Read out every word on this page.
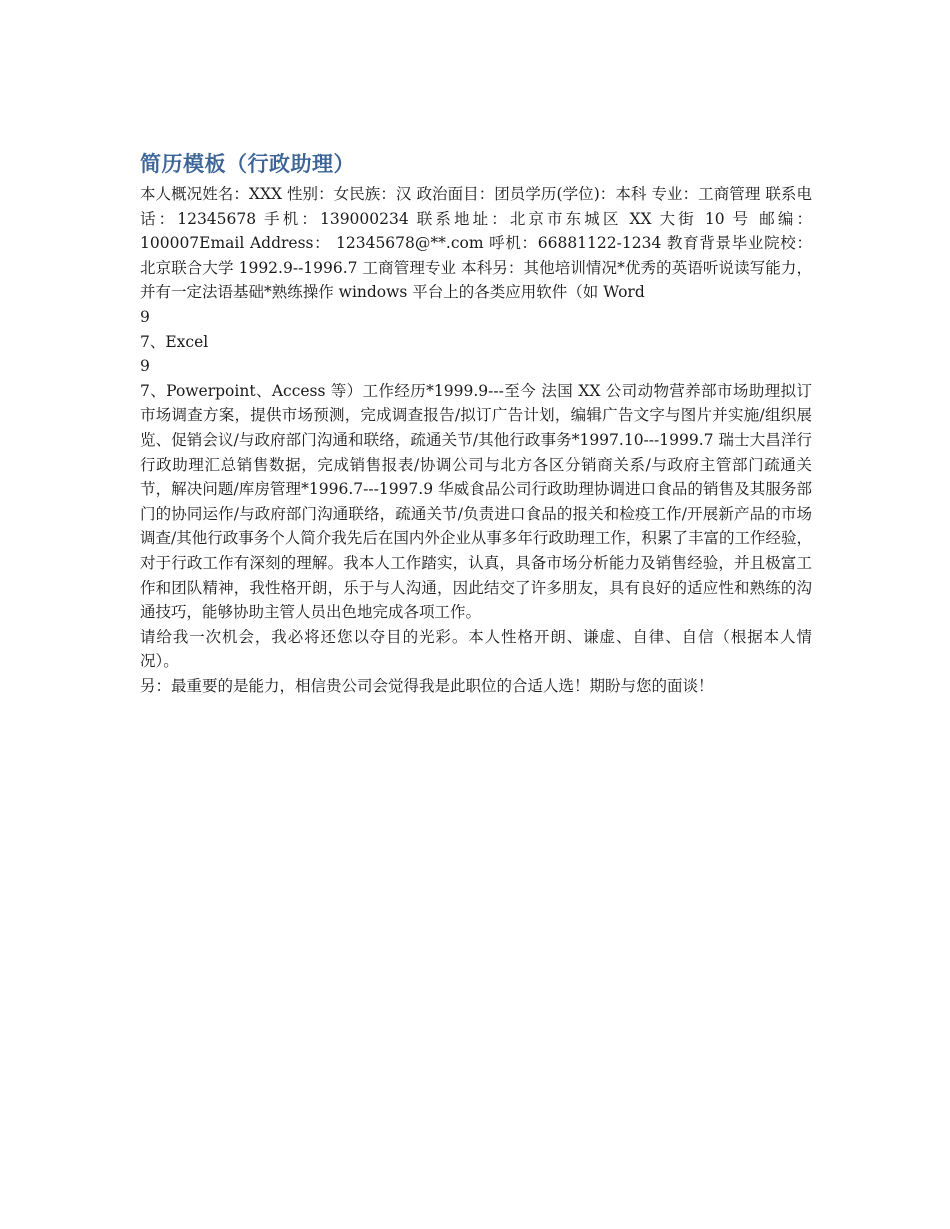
简历模板（行政助理）

本人概况姓名：XXX 性别：女民族：汉 政治面目：团员学历(学位)：本科 专业：工商管理 联系电话：12345678 手机：139000234 联系地址：北京市东城区 XX 大街 10 号 邮编：100007Email Address： 12345678@**.com 呼机：66881122-1234 教育背景毕业院校：北京联合大学 1992.9--1996.7 工商管理专业 本科另：其他培训情况*优秀的英语听说读写能力，并有一定法语基础*熟练操作 windows 平台上的各类应用软件（如 Word

9

7、Excel

9

7、Powerpoint、Access 等）工作经历*1999.9---至今 法国 XX 公司动物营养部市场助理拟订市场调查方案，提供市场预测，完成调查报告/拟订广告计划，编辑广告文字与图片并实施/组织展览、促销会议/与政府部门沟通和联络，疏通关节/其他行政事务*1997.10---1999.7 瑞士大昌洋行行政助理汇总销售数据，完成销售报表/协调公司与北方各区分销商关系/与政府主管部门疏通关节，解决问题/库房管理*1996.7---1997.9 华威食品公司行政助理协调进口食品的销售及其服务部门的协同运作/与政府部门沟通联络，疏通关节/负责进口食品的报关和检疫工作/开展新产品的市场调查/其他行政事务个人简介我先后在国内外企业从事多年行政助理工作，积累了丰富的工作经验，对于行政工作有深刻的理解。我本人工作踏实，认真，具备市场分析能力及销售经验，并且极富工作和团队精神，我性格开朗，乐于与人沟通，因此结交了许多朋友，具有良好的适应性和熟练的沟通技巧，能够协助主管人员出色地完成各项工作。

请给我一次机会，我必将还您以夺目的光彩。本人性格开朗、谦虚、自律、自信（根据本人情况）。

另：最重要的是能力，相信贵公司会觉得我是此职位的合适人选！期盼与您的面谈！
